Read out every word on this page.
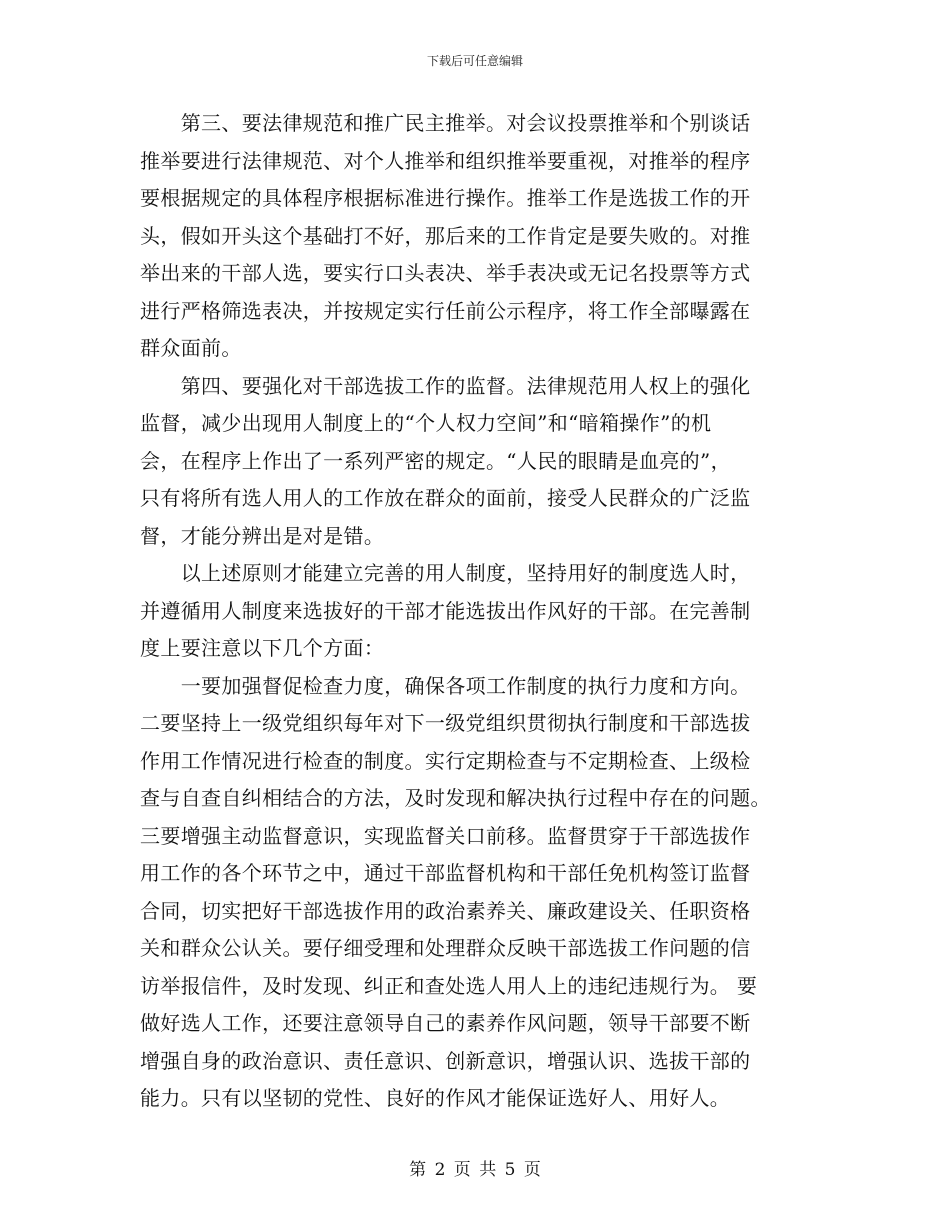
下载后可任意编辑
　　第三、要法律规范和推广民主推举。对会议投票推举和个别谈话
推举要进行法律规范、对个人推举和组织推举要重视，对推举的程序
要根据规定的具体程序根据标准进行操作。推举工作是选拔工作的开
头，假如开头这个基础打不好，那后来的工作肯定是要失败的。对推
举出来的干部人选，要实行口头表决、举手表决或无记名投票等方式
进行严格筛选表决，并按规定实行任前公示程序，将工作全部曝露在
群众面前。
　　第四、要强化对干部选拔工作的监督。法律规范用人权上的强化
监督，减少出现用人制度上的“个人权力空间”和“暗箱操作”的机
会，在程序上作出了一系列严密的规定。“人民的眼睛是血亮的”，
只有将所有选人用人的工作放在群众的面前，接受人民群众的广泛监
督，才能分辨出是对是错。
　　以上述原则才能建立完善的用人制度，坚持用好的制度选人时，
并遵循用人制度来选拔好的干部才能选拔出作风好的干部。在完善制
度上要注意以下几个方面：
　　一要加强督促检查力度，确保各项工作制度的执行力度和方向。
二要坚持上一级党组织每年对下一级党组织贯彻执行制度和干部选拔
作用工作情况进行检查的制度。实行定期检查与不定期检查、上级检
查与自查自纠相结合的方法，及时发现和解决执行过程中存在的问题。
三要增强主动监督意识，实现监督关口前移。监督贯穿于干部选拔作
用工作的各个环节之中，通过干部监督机构和干部任免机构签订监督
合同，切实把好干部选拔作用的政治素养关、廉政建设关、任职资格
关和群众公认关。要仔细受理和处理群众反映干部选拔工作问题的信
访举报信件，及时发现、纠正和查处选人用人上的违纪违规行为。 要
做好选人工作，还要注意领导自己的素养作风问题，领导干部要不断
增强自身的政治意识、责任意识、创新意识，增强认识、选拔干部的
能力。只有以坚韧的党性、良好的作风才能保证选好人、用好人。
第 2 页 共 5 页
